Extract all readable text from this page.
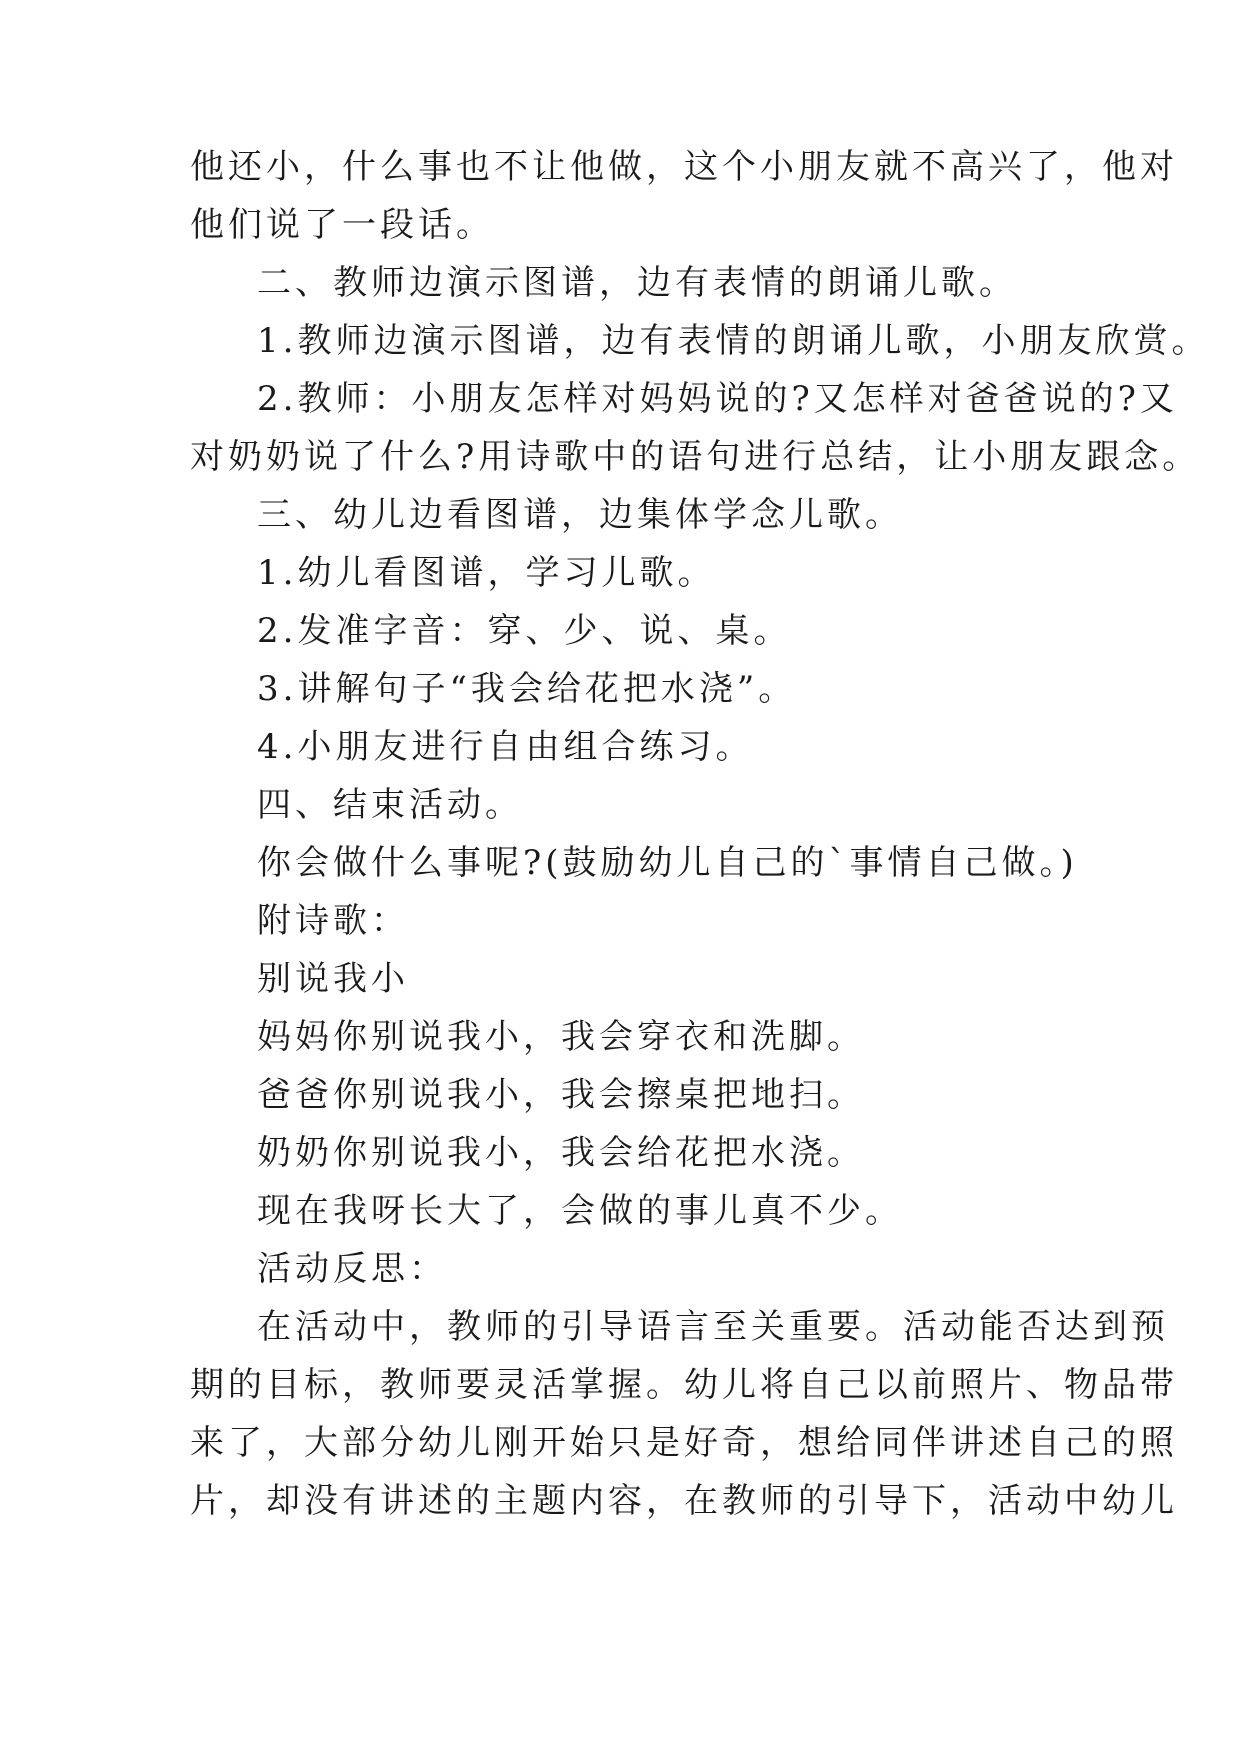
他还小，什么事也不让他做，这个小朋友就不高兴了，他对
他们说了一段话。
二、教师边演示图谱，边有表情的朗诵儿歌。
1.教师边演示图谱，边有表情的朗诵儿歌，小朋友欣赏。
2.教师：小朋友怎样对妈妈说的?又怎样对爸爸说的?又
对奶奶说了什么?用诗歌中的语句进行总结，让小朋友跟念。
三、幼儿边看图谱，边集体学念儿歌。
1.幼儿看图谱，学习儿歌。
2.发准字音：穿、少、说、桌。
3.讲解句子“我会给花把水浇”。
4.小朋友进行自由组合练习。
四、结束活动。
你会做什么事呢?(鼓励幼儿自己的`事情自己做。)
附诗歌：
别说我小
妈妈你别说我小，我会穿衣和洗脚。
爸爸你别说我小，我会擦桌把地扫。
奶奶你别说我小，我会给花把水浇。
现在我呀长大了，会做的事儿真不少。
活动反思：
在活动中，教师的引导语言至关重要。活动能否达到预
期的目标，教师要灵活掌握。幼儿将自己以前照片、物品带
来了，大部分幼儿刚开始只是好奇，想给同伴讲述自己的照
片，却没有讲述的主题内容，在教师的引导下，活动中幼儿
